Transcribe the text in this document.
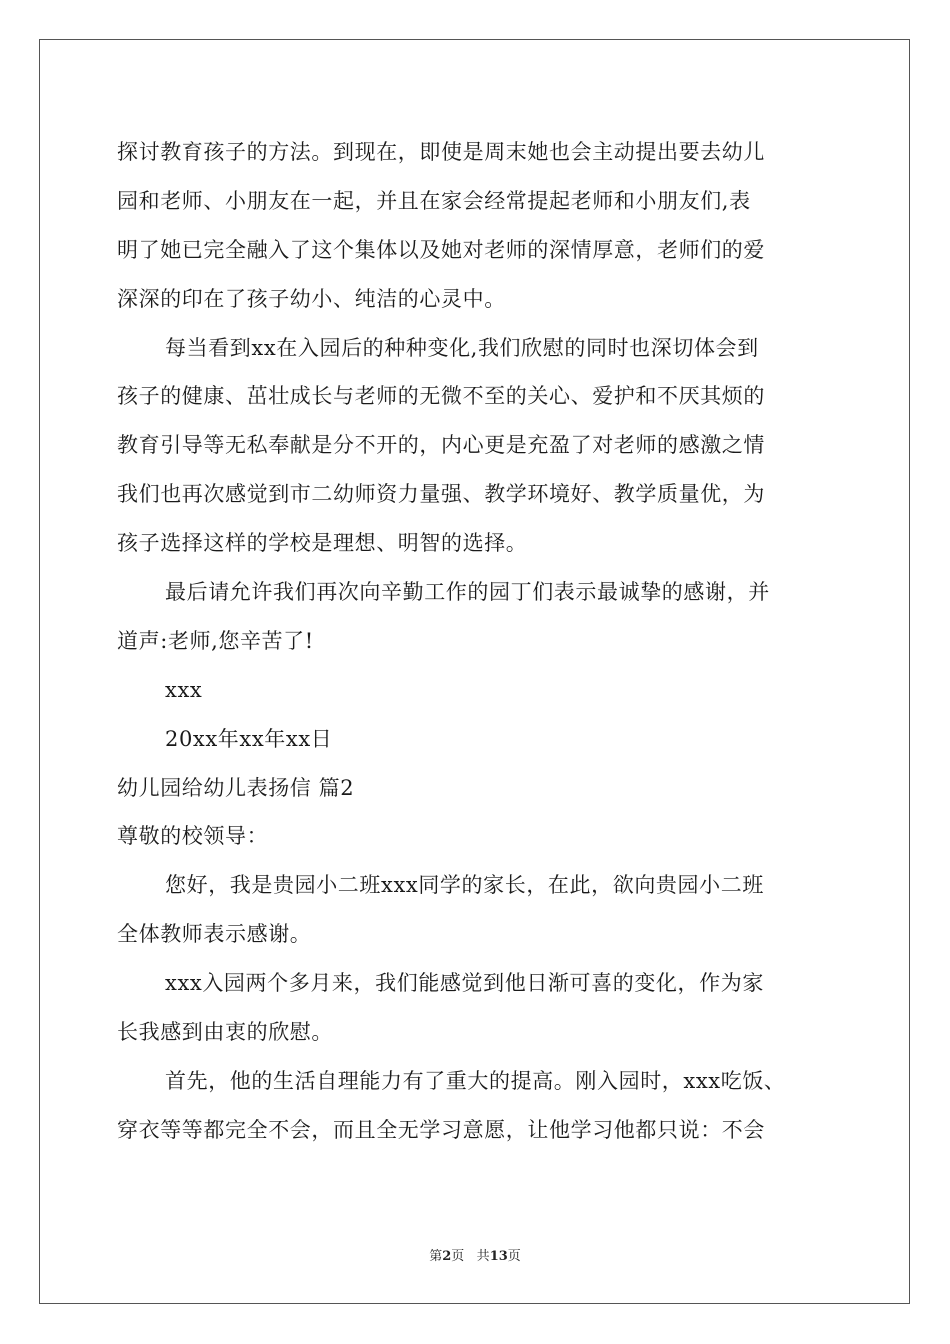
探讨教育孩子的方法。到现在，即使是周末她也会主动提出要去幼儿
园和老师、小朋友在一起，并且在家会经常提起老师和小朋友们,表
明了她已完全融入了这个集体以及她对老师的深情厚意，老师们的爱
深深的印在了孩子幼小、纯洁的心灵中。
每当看到xx在入园后的种种变化,我们欣慰的同时也深切体会到
孩子的健康、茁壮成长与老师的无微不至的关心、爱护和不厌其烦的
教育引导等无私奉献是分不开的，内心更是充盈了对老师的感激之情
我们也再次感觉到市二幼师资力量强、教学环境好、教学质量优，为
孩子选择这样的学校是理想、明智的选择。
最后请允许我们再次向辛勤工作的园丁们表示最诚挚的感谢，并
道声:老师,您辛苦了!
xxx
20xx年xx年xx日
幼儿园给幼儿表扬信 篇2
尊敬的校领导：
您好，我是贵园小二班xxx同学的家长，在此，欲向贵园小二班
全体教师表示感谢。
xxx入园两个多月来，我们能感觉到他日渐可喜的变化，作为家
长我感到由衷的欣慰。
首先，他的生活自理能力有了重大的提高。刚入园时，xxx吃饭、
穿衣等等都完全不会，而且全无学习意愿，让他学习他都只说：不会
第2页 共13页
